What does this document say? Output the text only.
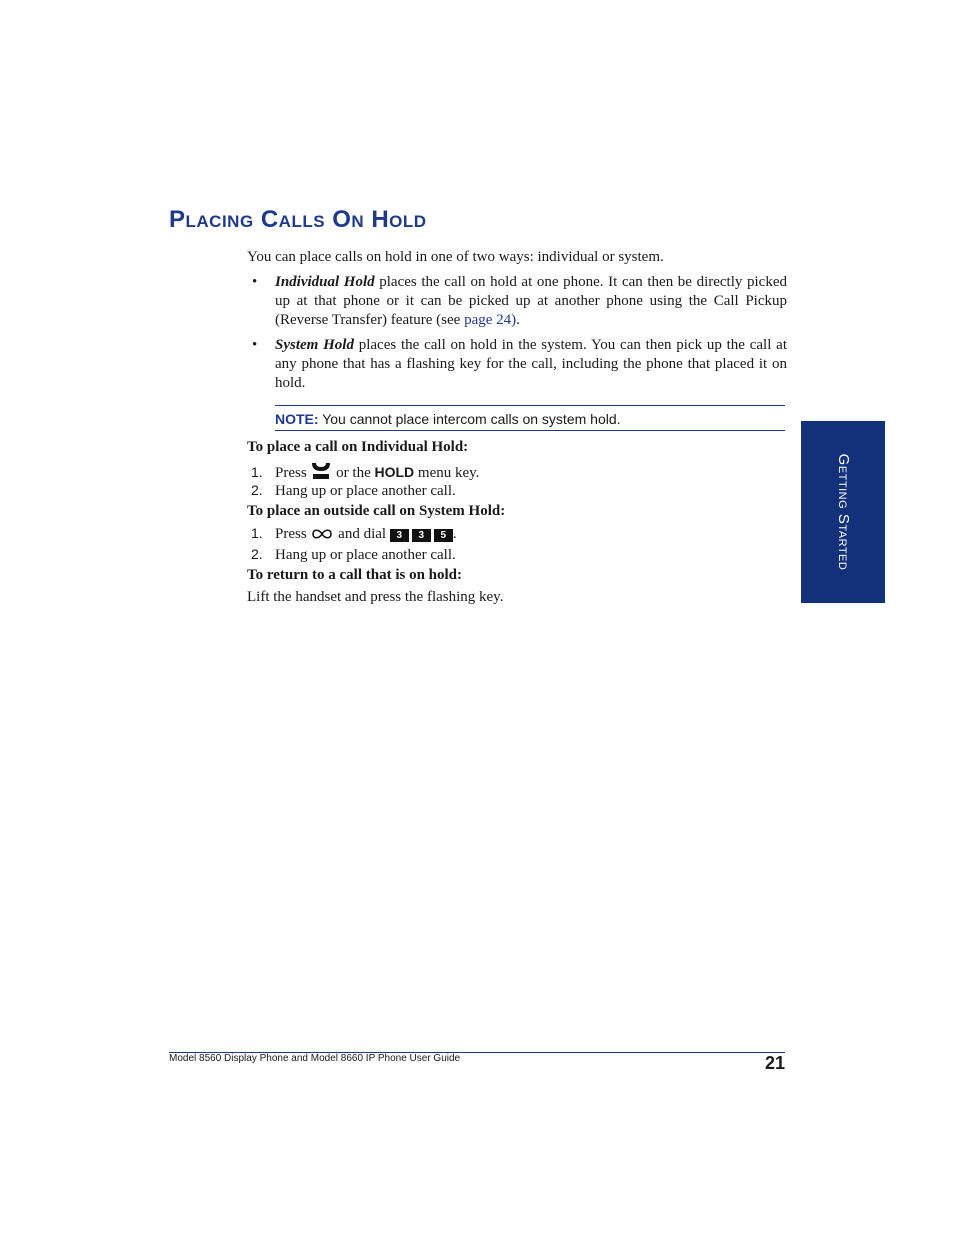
Placing Calls On Hold
You can place calls on hold in one of two ways: individual or system.
• Individual Hold places the call on hold at one phone. It can then be directly picked up at that phone or it can be picked up at another phone using the Call Pickup (Reverse Transfer) feature (see page 24).
• System Hold places the call on hold in the system. You can then pick up the call at any phone that has a flashing key for the call, including the phone that placed it on hold.
NOTE: You cannot place intercom calls on system hold.
To place a call on Individual Hold:
1. Press  or the HOLD menu key.
2. Hang up or place another call.
To place an outside call on System Hold:
1. Press  and dial 3 3 5 .
2. Hang up or place another call.
To return to a call that is on hold:
Lift the handset and press the flashing key.
Getting Started
Model 8560 Display Phone and Model 8660 IP Phone User Guide	21
